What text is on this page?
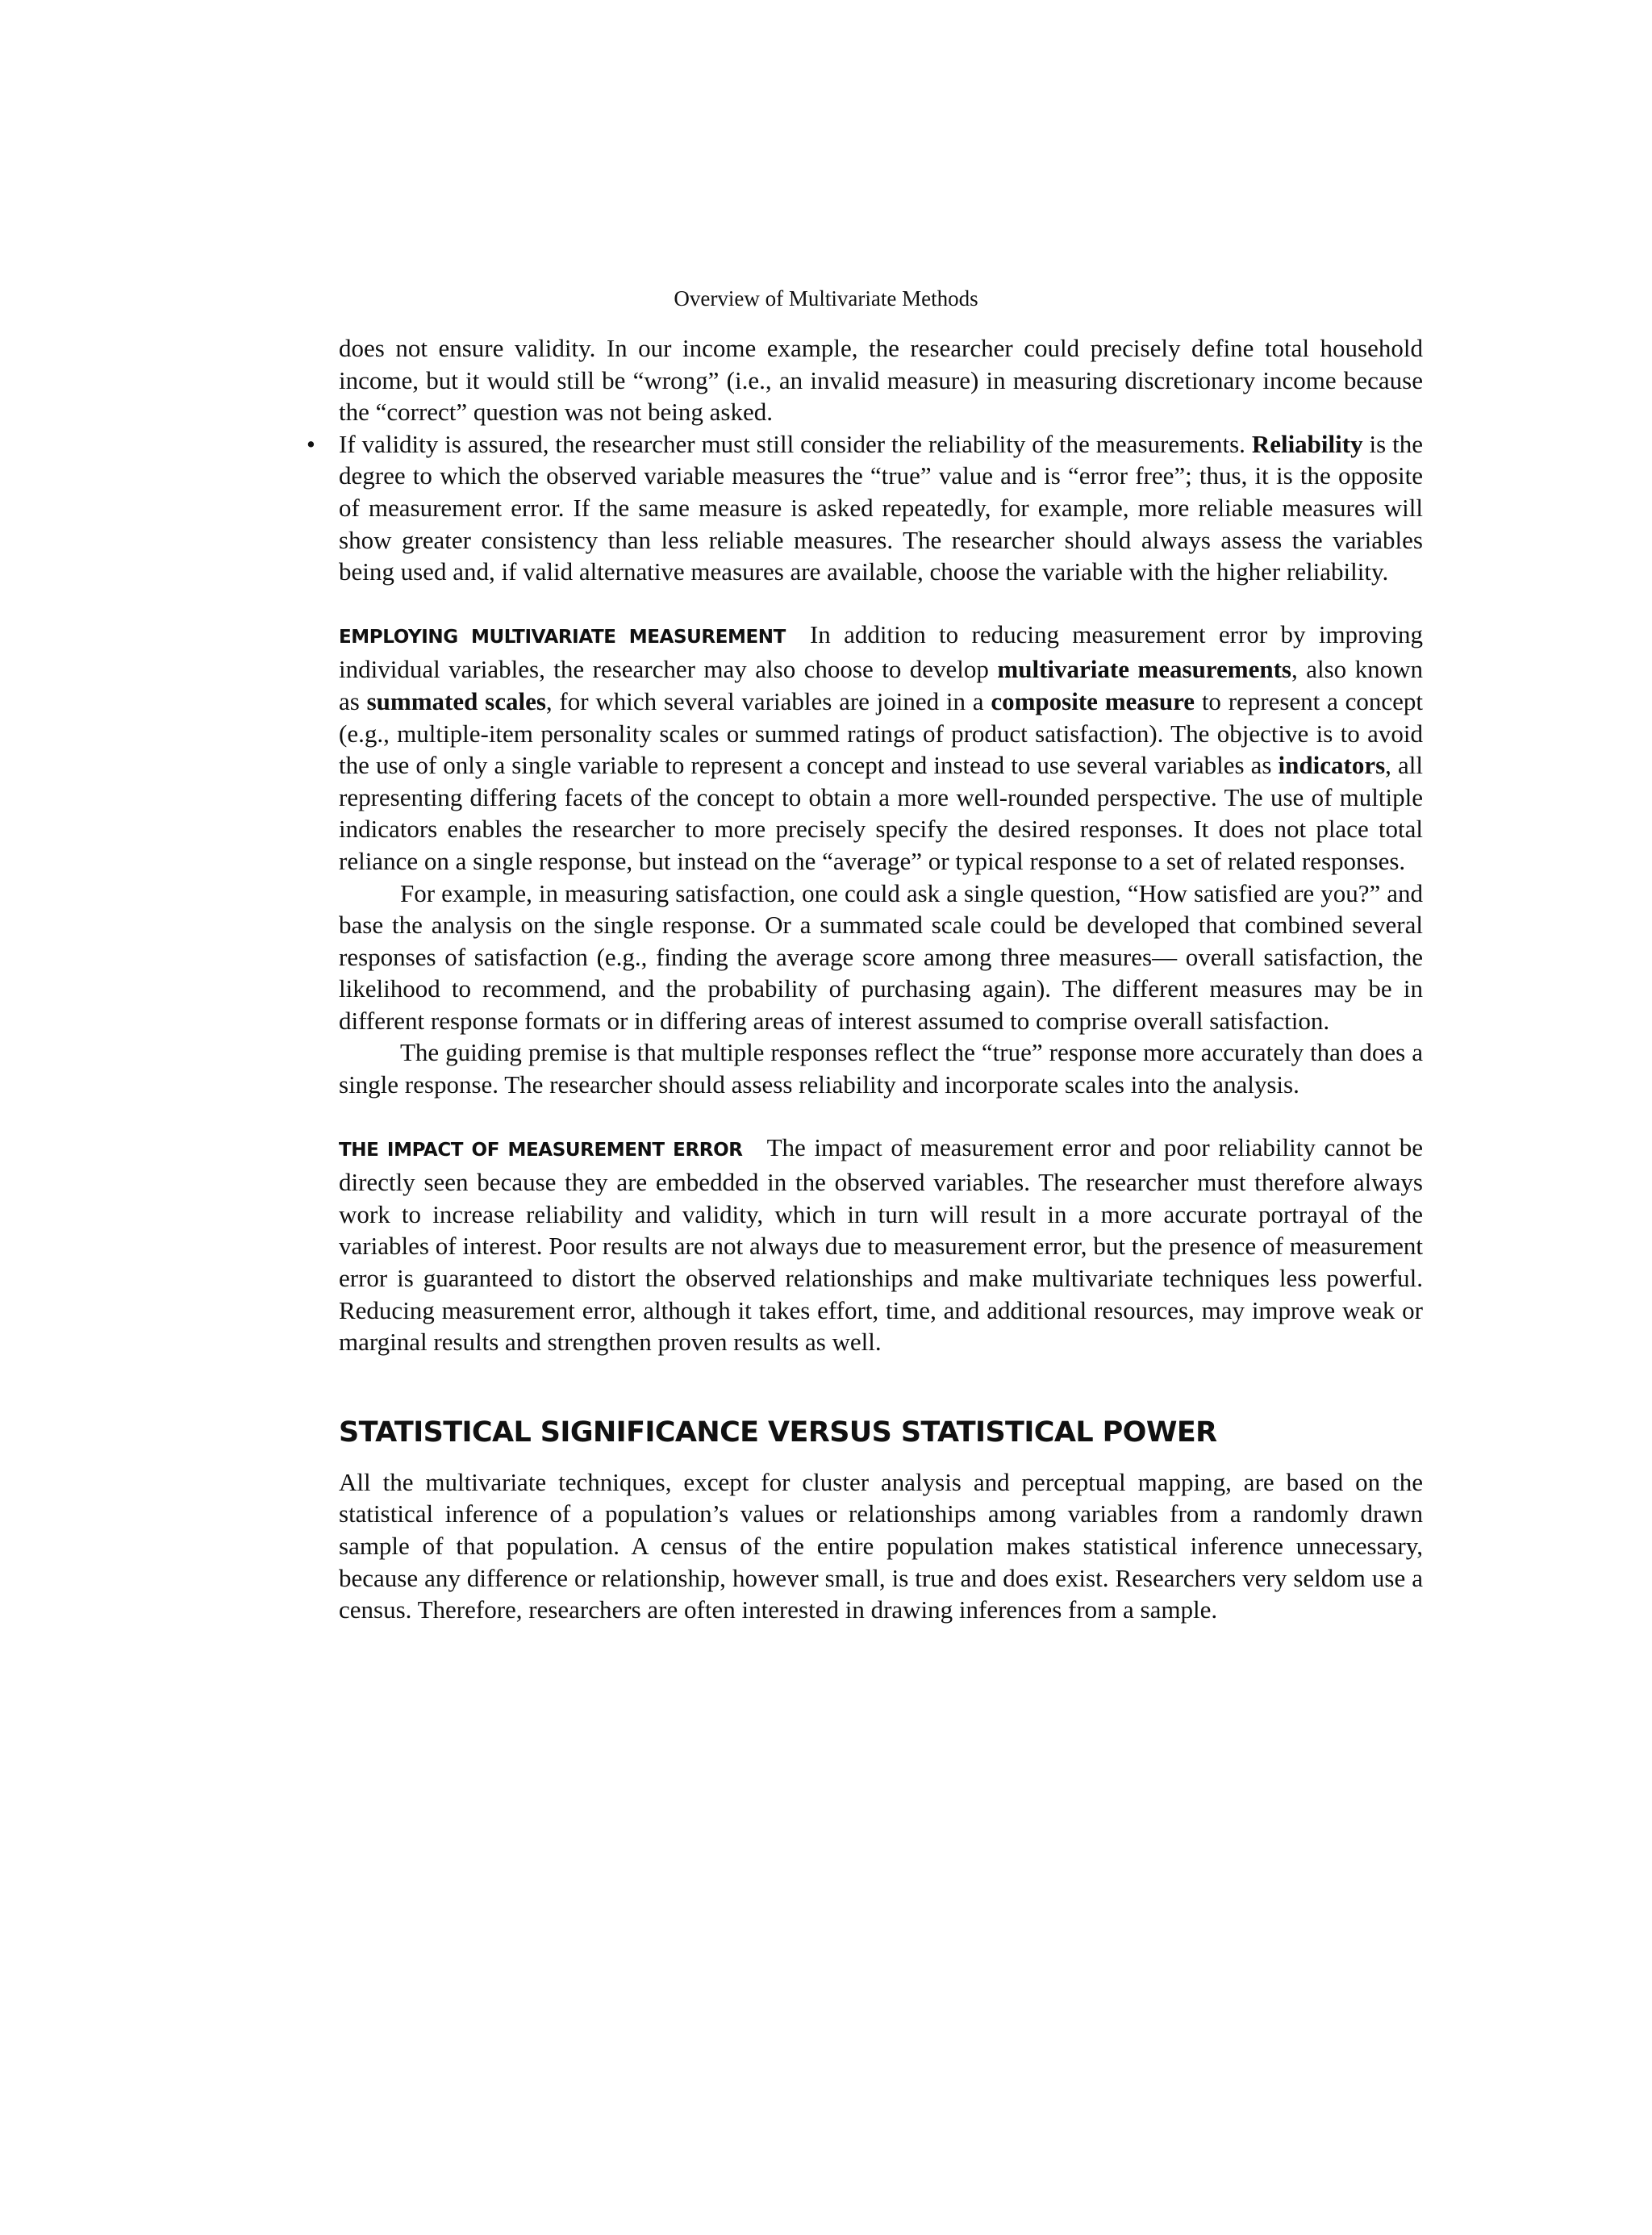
Overview of Multivariate Methods

does not ensure validity. In our income example, the researcher could precisely define total household income, but it would still be “wrong” (i.e., an invalid measure) in measuring discretionary income because the “correct” question was not being asked.

• If validity is assured, the researcher must still consider the reliability of the measurements. Reliability is the degree to which the observed variable measures the “true” value and is “error free”; thus, it is the opposite of measurement error. If the same measure is asked repeatedly, for example, more reliable measures will show greater consistency than less reliable measures. The researcher should always assess the variables being used and, if valid alternative measures are available, choose the variable with the higher reliability.

EMPLOYING MULTIVARIATE MEASUREMENT In addition to reducing measurement error by improving individual variables, the researcher may also choose to develop multivariate measurements, also known as summated scales, for which several variables are joined in a composite measure to represent a concept (e.g., multiple-item personality scales or summed ratings of product satisfaction). The objective is to avoid the use of only a single variable to represent a concept and instead to use several variables as indicators, all representing differing facets of the concept to obtain a more well-rounded perspective. The use of multiple indicators enables the researcher to more precisely specify the desired responses. It does not place total reliance on a single response, but instead on the “average” or typical response to a set of related responses.

For example, in measuring satisfaction, one could ask a single question, “How satisfied are you?” and base the analysis on the single response. Or a summated scale could be developed that combined several responses of satisfaction (e.g., finding the average score among three measures— overall satisfaction, the likelihood to recommend, and the probability of purchasing again). The different measures may be in different response formats or in differing areas of interest assumed to comprise overall satisfaction.

The guiding premise is that multiple responses reflect the “true” response more accurately than does a single response. The researcher should assess reliability and incorporate scales into the analysis.

THE IMPACT OF MEASUREMENT ERROR The impact of measurement error and poor reliability cannot be directly seen because they are embedded in the observed variables. The researcher must therefore always work to increase reliability and validity, which in turn will result in a more accurate portrayal of the variables of interest. Poor results are not always due to measurement error, but the presence of measurement error is guaranteed to distort the observed relationships and make multivariate techniques less powerful. Reducing measurement error, although it takes effort, time, and additional resources, may improve weak or marginal results and strengthen proven results as well.

STATISTICAL SIGNIFICANCE VERSUS STATISTICAL POWER

All the multivariate techniques, except for cluster analysis and perceptual mapping, are based on the statistical inference of a population’s values or relationships among variables from a randomly drawn sample of that population. A census of the entire population makes statistical inference unnecessary, because any difference or relationship, however small, is true and does exist. Researchers very seldom use a census. Therefore, researchers are often interested in drawing inferences from a sample.
